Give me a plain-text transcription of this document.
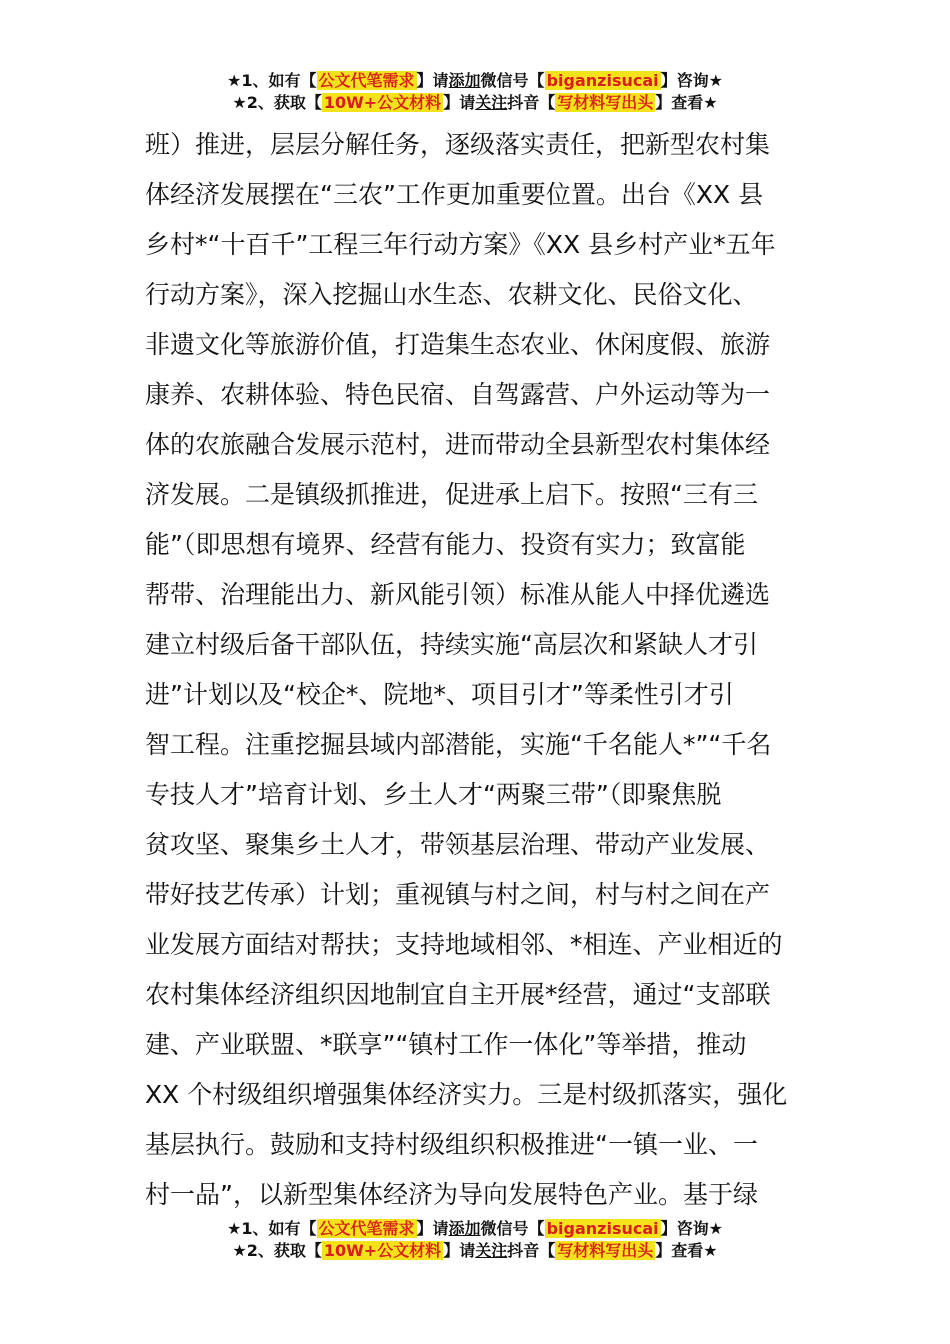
★1、如有【 公文代笔需求 】请添加微信号【 biganzisucai 】咨询★
★2、获取【 10W+公文材料 】请关注抖音【 写材料写出头 】查看★
班）推进，层层分解任务，逐级落实责任，把新型农村集
体经济发展摆在“三农”工作更加重要位置。出台《XX 县
乡村*“十百千”工程三年行动方案》《XX 县乡村产业*五年
行动方案》，深入挖掘山水生态、农耕文化、民俗文化、
非遗文化等旅游价值，打造集生态农业、休闲度假、旅游
康养、农耕体验、特色民宿、自驾露营、户外运动等为一
体的农旅融合发展示范村，进而带动全县新型农村集体经
济发展。二是镇级抓推进，促进承上启下。按照“三有三
能”（即思想有境界、经营有能力、投资有实力；致富能
帮带、治理能出力、新风能引领）标准从能人中择优遴选
建立村级后备干部队伍，持续实施“高层次和紧缺人才引
进”计划以及“校企*、院地*、项目引才”等柔性引才引
智工程。注重挖掘县域内部潜能，实施“千名能人*”“千名
专技人才”培育计划、乡土人才“两聚三带”（即聚焦脱
贫攻坚、聚集乡土人才，带领基层治理、带动产业发展、
带好技艺传承）计划；重视镇与村之间，村与村之间在产
业发展方面结对帮扶；支持地域相邻、*相连、产业相近的
农村集体经济组织因地制宜自主开展*经营，通过“支部联
建、产业联盟、*联享”“镇村工作一体化”等举措，推动
XX 个村级组织增强集体经济实力。三是村级抓落实，强化
基层执行。鼓励和支持村级组织积极推进“一镇一业、一
村一品”，以新型集体经济为导向发展特色产业。基于绿
★1、如有【 公文代笔需求 】请添加微信号【 biganzisucai 】咨询★
★2、获取【 10W+公文材料 】请关注抖音【 写材料写出头 】查看★
